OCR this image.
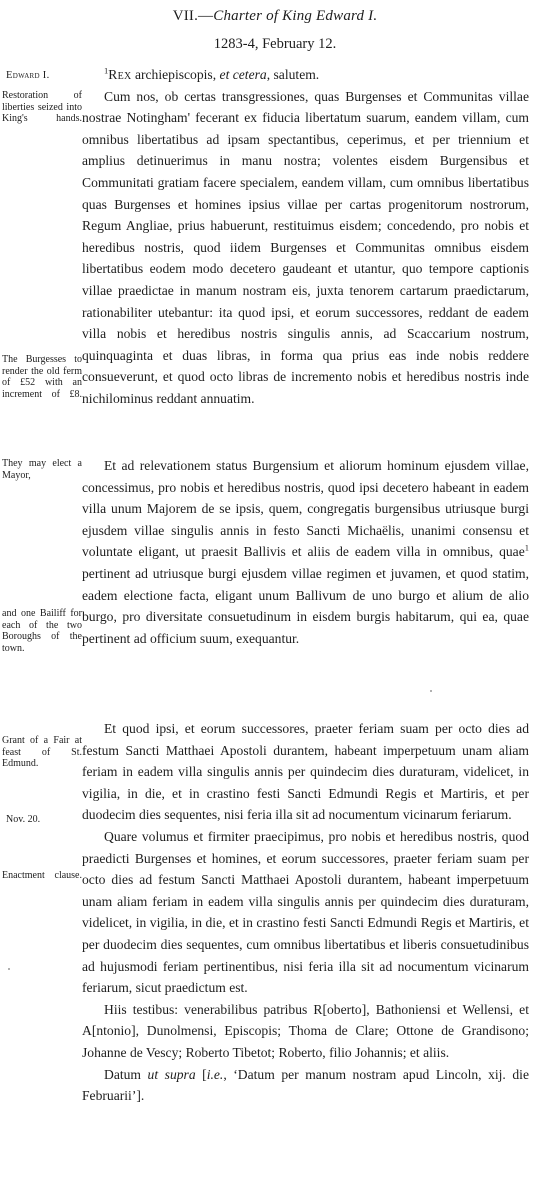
VII.—Charter of King Edward I.
1283-4, February 12.
Edward I.
Restoration of liberties seized into King's hands.
The Burgesses to render the old ferm of £52 with an increment of £8.
They may elect a Mayor,
and one Bailiff for each of the two Boroughs of the town.
Grant of a Fair at feast of St. Edmund.
Nov. 20.
Enactment clause.

$^1$Rex archiepiscopis, et cetera, salutem.

Cum nos, ob certas transgressiones, quas Burgenses et Communitas villae nostrae Notingham' fecerant ex fiducia libertatum suarum, eandem villam, cum omnibus libertatibus ad ipsam spectantibus, ceperimus, et per triennium et amplius detinuerimus in manu nostra; volentes eisdem Burgensibus et Communitati gratiam facere specialem, eandem villam, cum omnibus libertatibus quas Burgenses et homines ipsius villae per cartas progenitorum nostrorum, Regum Angliae, prius habuerunt, restituimus eisdem; concedendo, pro nobis et heredibus nostris, quod iidem Burgenses et Communitas omnibus eisdem libertatibus eodem modo decetero gaudeant et utantur, quo tempore captionis villae praedictae in manum nostram eis, juxta tenorem cartarum praedictarum, rationabiliter utebantur: ita quod ipsi, et eorum successores, reddant de eadem villa nobis et heredibus nostris singulis annis, ad Scaccarium nostrum, quinquaginta et duas libras, in forma qua prius eas inde nobis reddere consueverunt, et quod octo libras de incremento nobis et heredibus nostris inde nichilominus reddant annuatim.

Et ad relevationem status Burgensium et aliorum hominum ejusdem villae, concessimus, pro nobis et heredibus nostris, quod ipsi decetero habeant in eadem villa unum Majorem de se ipsis, quem, congregatis burgensibus utriusque burgi ejusdem villae singulis annis in festo Sancti Michaëlis, unanimi consensu et voluntate eligant, ut praesit Ballivis et aliis de eadem villa in omnibus, quae$^1$ pertinent ad utriusque burgi ejusdem villae regimen et juvamen, et quod statim, eadem electione facta, eligant unum Ballivum de uno burgo et alium de alio burgo, pro diversitate consuetudinum in eisdem burgis habitarum, qui ea, quae pertinent ad officium suum, exequantur.

Et quod ipsi, et eorum successores, praeter feriam suam per octo dies ad festum Sancti Matthaei Apostoli durantem, habeant imperpetuum unam aliam feriam in eadem villa singulis annis per quindecim dies duraturam, videlicet, in vigilia, in die, et in crastino festi Sancti Edmundi Regis et Martiris, et per duodecim dies sequentes, nisi feria illa sit ad nocumentum vicinarum feriarum.

Quare volumus et firmiter praecipimus, pro nobis et heredibus nostris, quod praedicti Burgenses et homines, et eorum successores, praeter feriam suam per octo dies ad festum Sancti Matthaei Apostoli durantem, habeant imperpetuum unam aliam feriam in eadem villa singulis annis per quindecim dies duraturam, videlicet, in vigilia, in die, et in crastino festi Sancti Edmundi Regis et Martiris, et per duodecim dies sequentes, cum omnibus libertatibus et liberis consuetudinibus ad hujusmodi feriam pertinentibus, nisi feria illa sit ad nocumentum vicinarum feriarum, sicut praedictum est.

Hiis testibus: venerabilibus patribus R[oberto], Bathoniensi et Wellensi, et A[ntonio], Dunolmensi, Episcopis; Thoma de Clare; Ottone de Grandisono; Johanne de Vescy; Roberto Tibetot; Roberto, filio Johannis; et aliis.

Datum ut supra [i.e., ‘Datum per manum nostram apud Lincoln, xij. die Februarii’].
